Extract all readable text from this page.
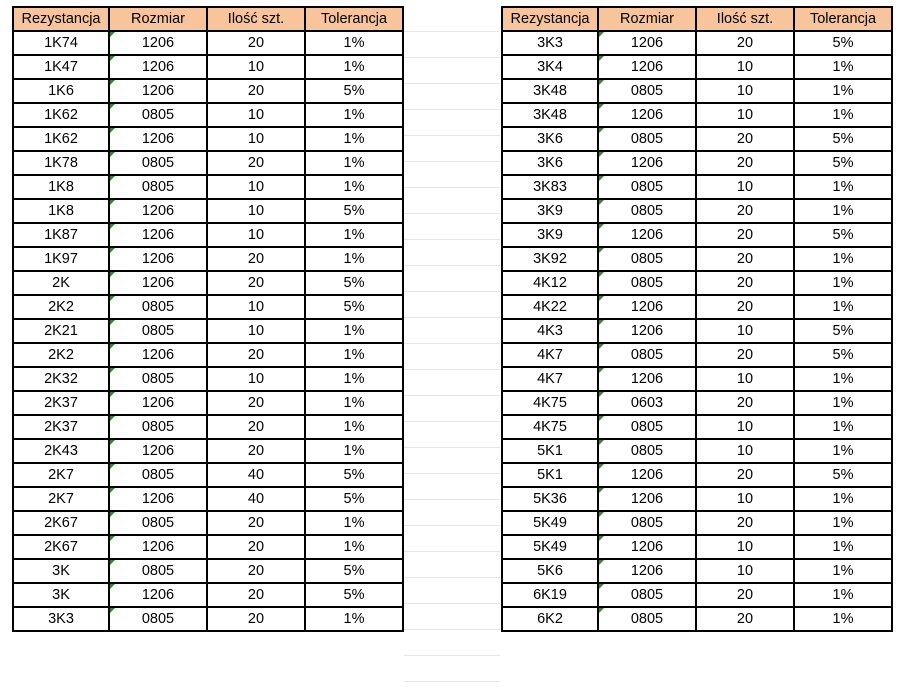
Rezystancja	Rozmiar	Ilość szt.	Tolerancja
1K74	1206	20	1%
1K47	1206	10	1%
1K6	1206	20	5%
1K62	0805	10	1%
1K62	1206	10	1%
1K78	0805	20	1%
1K8	0805	10	1%
1K8	1206	10	5%
1K87	1206	10	1%
1K97	1206	20	1%
2K	1206	20	5%
2K2	0805	10	5%
2K21	0805	10	1%
2K2	1206	20	1%
2K32	0805	10	1%
2K37	1206	20	1%
2K37	0805	20	1%
2K43	1206	20	1%
2K7	0805	40	5%
2K7	1206	40	5%
2K67	0805	20	1%
2K67	1206	20	1%
3K	0805	20	5%
3K	1206	20	5%
3K3	0805	20	1%
Rezystancja	Rozmiar	Ilość szt.	Tolerancja
3K3	1206	20	5%
3K4	1206	10	1%
3K48	0805	10	1%
3K48	1206	10	1%
3K6	0805	20	5%
3K6	1206	20	5%
3K83	0805	10	1%
3K9	0805	20	1%
3K9	1206	20	5%
3K92	0805	20	1%
4K12	0805	20	1%
4K22	1206	20	1%
4K3	1206	10	5%
4K7	0805	20	5%
4K7	1206	10	1%
4K75	0603	20	1%
4K75	0805	10	1%
5K1	0805	10	1%
5K1	1206	20	5%
5K36	1206	10	1%
5K49	0805	20	1%
5K49	1206	10	1%
5K6	1206	10	1%
6K19	0805	20	1%
6K2	0805	20	1%
